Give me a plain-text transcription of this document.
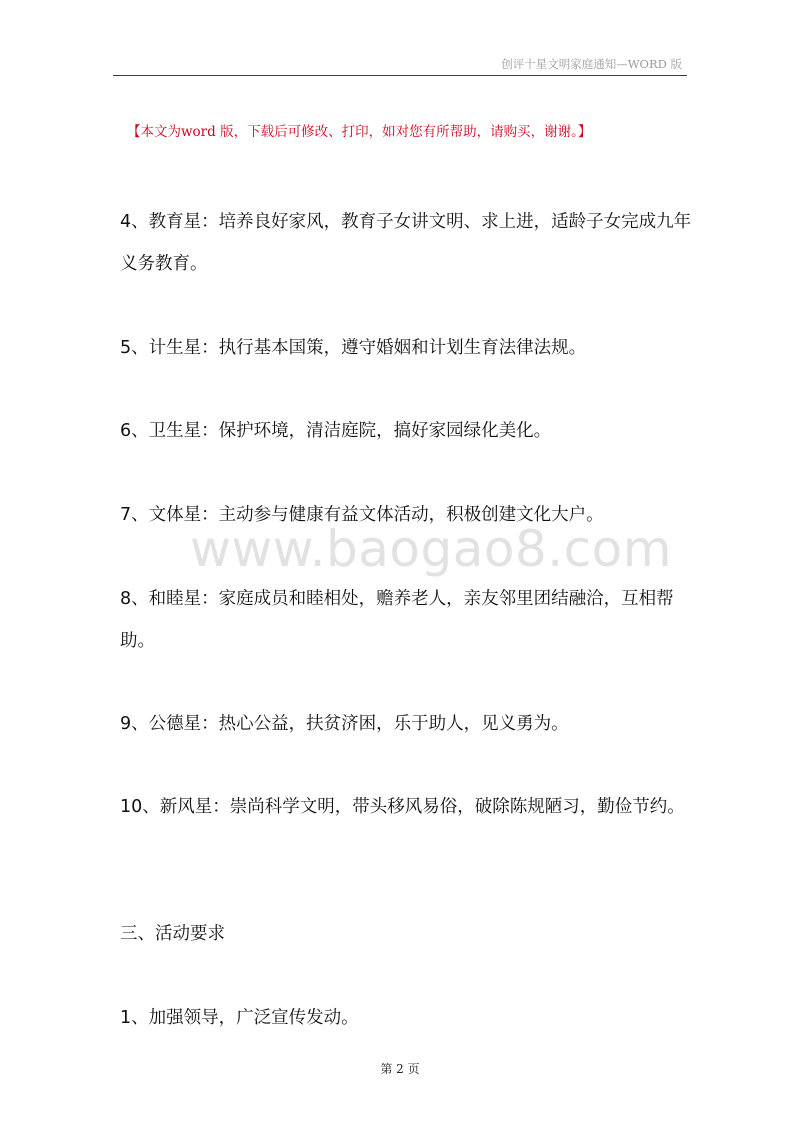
创评十星文明家庭通知—WORD 版
【本文为word 版，下载后可修改、打印，如对您有所帮助，请购买，谢谢。】

4、教育星：培养良好家风，教育子女讲文明、求上进，适龄子女完成九年义务教育。

5、计生星：执行基本国策，遵守婚姻和计划生育法律法规。

6、卫生星：保护环境，清洁庭院，搞好家园绿化美化。

7、文体星：主动参与健康有益文体活动，积极创建文化大户。

8、和睦星：家庭成员和睦相处，赡养老人，亲友邻里团结融洽，互相帮助。

9、公德星：热心公益，扶贫济困，乐于助人，见义勇为。

10、新风星：崇尚科学文明，带头移风易俗，破除陈规陋习，勤俭节约。

三、活动要求

1、加强领导，广泛宣传发动。

www.baogao8.com
第 2 页
